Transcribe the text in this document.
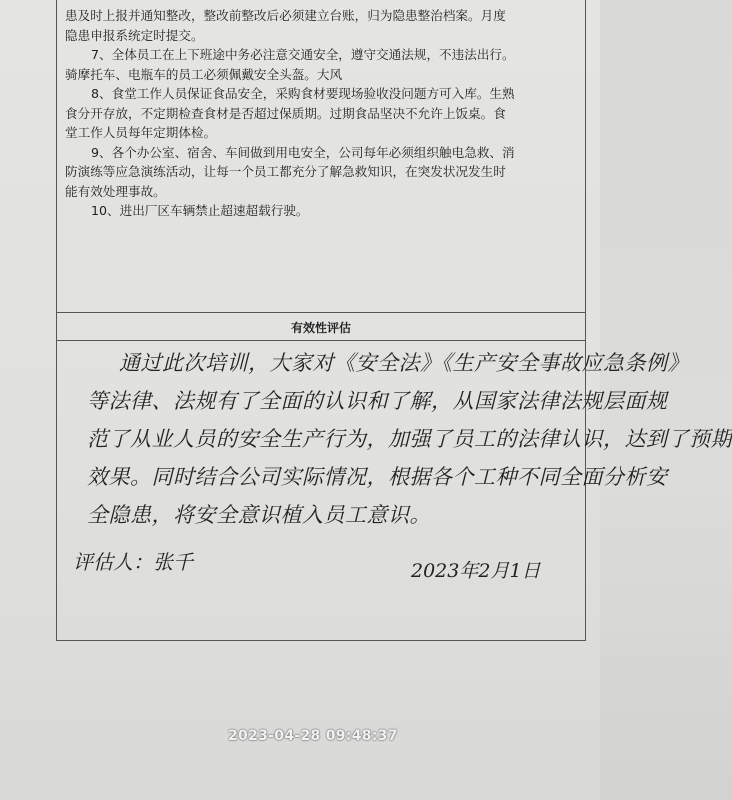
患及时上报并通知整改，整改前整改后必须建立台账，归为隐患整治档案。月度

隐患申报系统定时提交。

7、全体员工在上下班途中务必注意交通安全，遵守交通法规，不违法出行。

骑摩托车、电瓶车的员工必须佩戴安全头盔。大风

8、食堂工作人员保证食品安全，采购食材要现场验收没问题方可入库。生熟

食分开存放，不定期检查食材是否超过保质期。过期食品坚决不允许上饭桌。食

堂工作人员每年定期体检。

9、各个办公室、宿舍、车间做到用电安全，公司每年必须组织触电急救、消

防演练等应急演练活动，让每一个员工都充分了解急救知识，在突发状况发生时

能有效处理事故。

10、进出厂区车辆禁止超速超载行驶。

有效性评估

通过此次培训，大家对《安全法》《生产安全事故应急条例》

等法律、法规有了全面的认识和了解，从国家法律法规层面规

范了从业人员的安全生产行为，加强了员工的法律认识，达到了预期

效果。同时结合公司实际情况，根据各个工种不同全面分析安

全隐患，将安全意识植入员工意识。

评估人：张千	2023年2月1日
2023-04-28 09:48:37
